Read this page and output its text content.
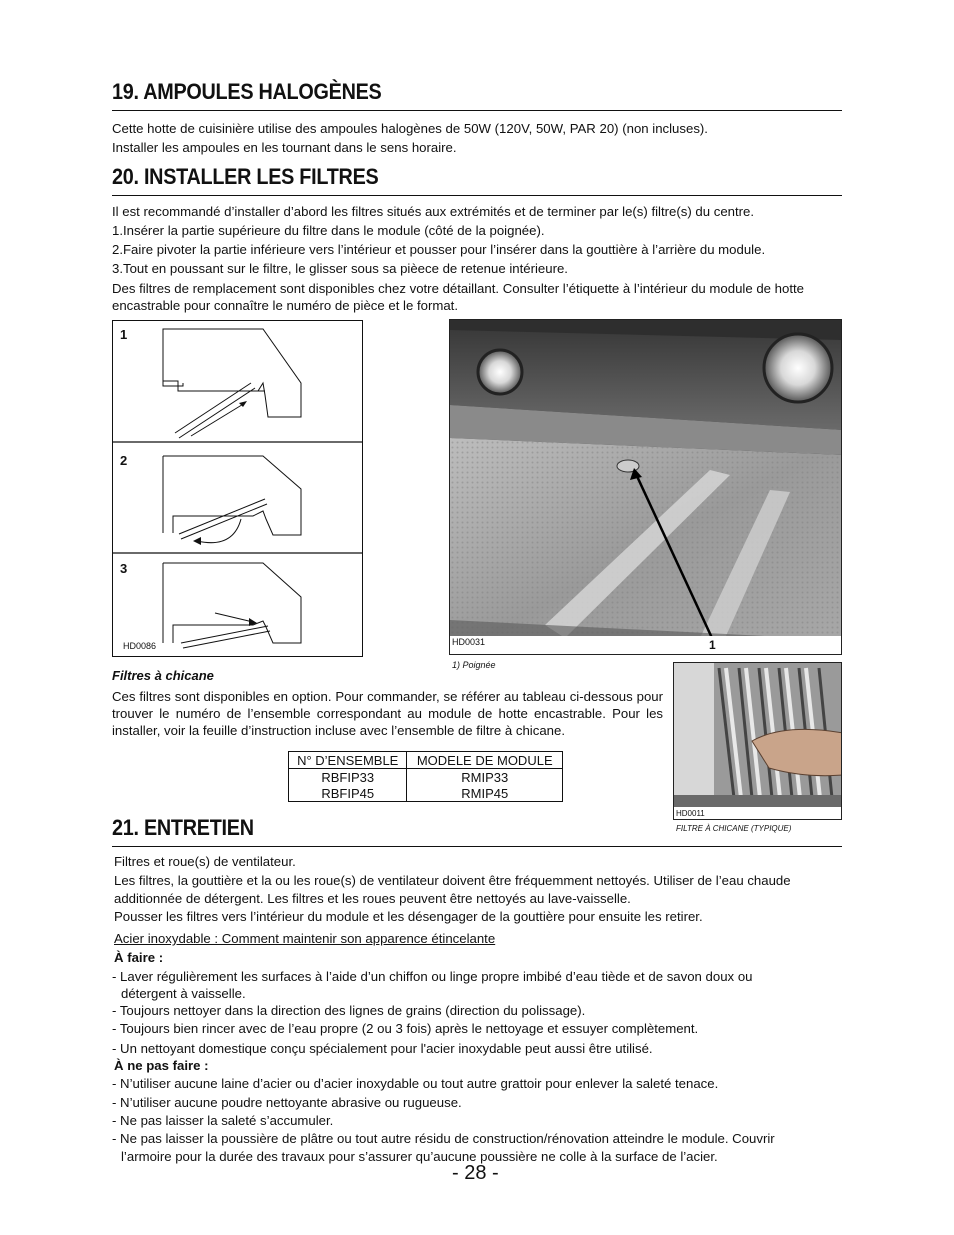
19. AMPOULES HALOGÈNES
Cette hotte de cuisinière utilise des ampoules halogènes de 50W (120V, 50W, PAR 20) (non incluses).
Installer les ampoules en les tournant dans le sens horaire.
20. INSTALLER LES FILTRES
Il est recommandé d’installer d’abord les filtres situés aux extrémités et de terminer par le(s) filtre(s) du centre.
1.Insérer la partie supérieure du filtre dans le module (côté de la poignée).
2.Faire pivoter la partie inférieure vers l’intérieur et pousser pour l’insérer dans la gouttière à l’arrière du module.
3.Tout en poussant sur le filtre, le glisser sous sa pièece de retenue intérieure.
Des filtres de remplacement sont disponibles chez votre détaillant. Consulter l’étiquette à l’intérieur du module de hotte
encastrable pour connaître le numéro de pièce et le format.
1
2
3
HD0086	HD0031	1
1) Poignée
Filtres à chicane
Ces filtres sont disponibles en option. Pour commander, se référer au tableau ci-dessous pour trouver le numéro de l’ensemble correspondant au module de hotte encastrable. Pour les installer, voir la feuille d’instruction incluse avec l’ensemble de filtre à chicane.
N° D’ENSEMBLE	MODELE DE MODULE
RBFIP33	RMIP33
RBFIP45	RMIP45
HD0011
FILTRE À CHICANE (TYPIQUE)
21. ENTRETIEN
Filtres et roue(s) de ventilateur.
Les filtres, la gouttière et la ou les roue(s) de ventilateur doivent être fréquemment nettoyés. Utiliser de l’eau chaude
additionnée de détergent. Les filtres et les roues peuvent être nettoyés au lave-vaisselle.
Pousser les filtres vers l’intérieur du module et les désengager de la gouttière pour ensuite les retirer.
Acier inoxydable : Comment maintenir son apparence étincelante
À faire :
- Laver régulièrement les surfaces à l’aide d’un chiffon ou linge propre imbibé d’eau tiède et de savon doux ou
détergent à vaisselle.
- Toujours nettoyer dans la direction des lignes de grains (direction du polissage).
- Toujours bien rincer avec de l’eau propre (2 ou 3 fois) après le nettoyage et essuyer complètement.
- Un nettoyant domestique conçu spécialement pour l'acier inoxydable peut aussi être utilisé.
À ne pas faire :
- N’utiliser aucune laine d’acier ou d’acier inoxydable ou tout autre grattoir pour enlever la saleté tenace.
- N’utiliser aucune poudre nettoyante abrasive ou rugueuse.
- Ne pas laisser la saleté s’accumuler.
- Ne pas laisser la poussière de plâtre ou tout autre résidu de construction/rénovation atteindre le module. Couvrir
l’armoire pour la durée des travaux pour s’assurer qu’aucune poussière ne colle à la surface de l’acier.
- 28 -
